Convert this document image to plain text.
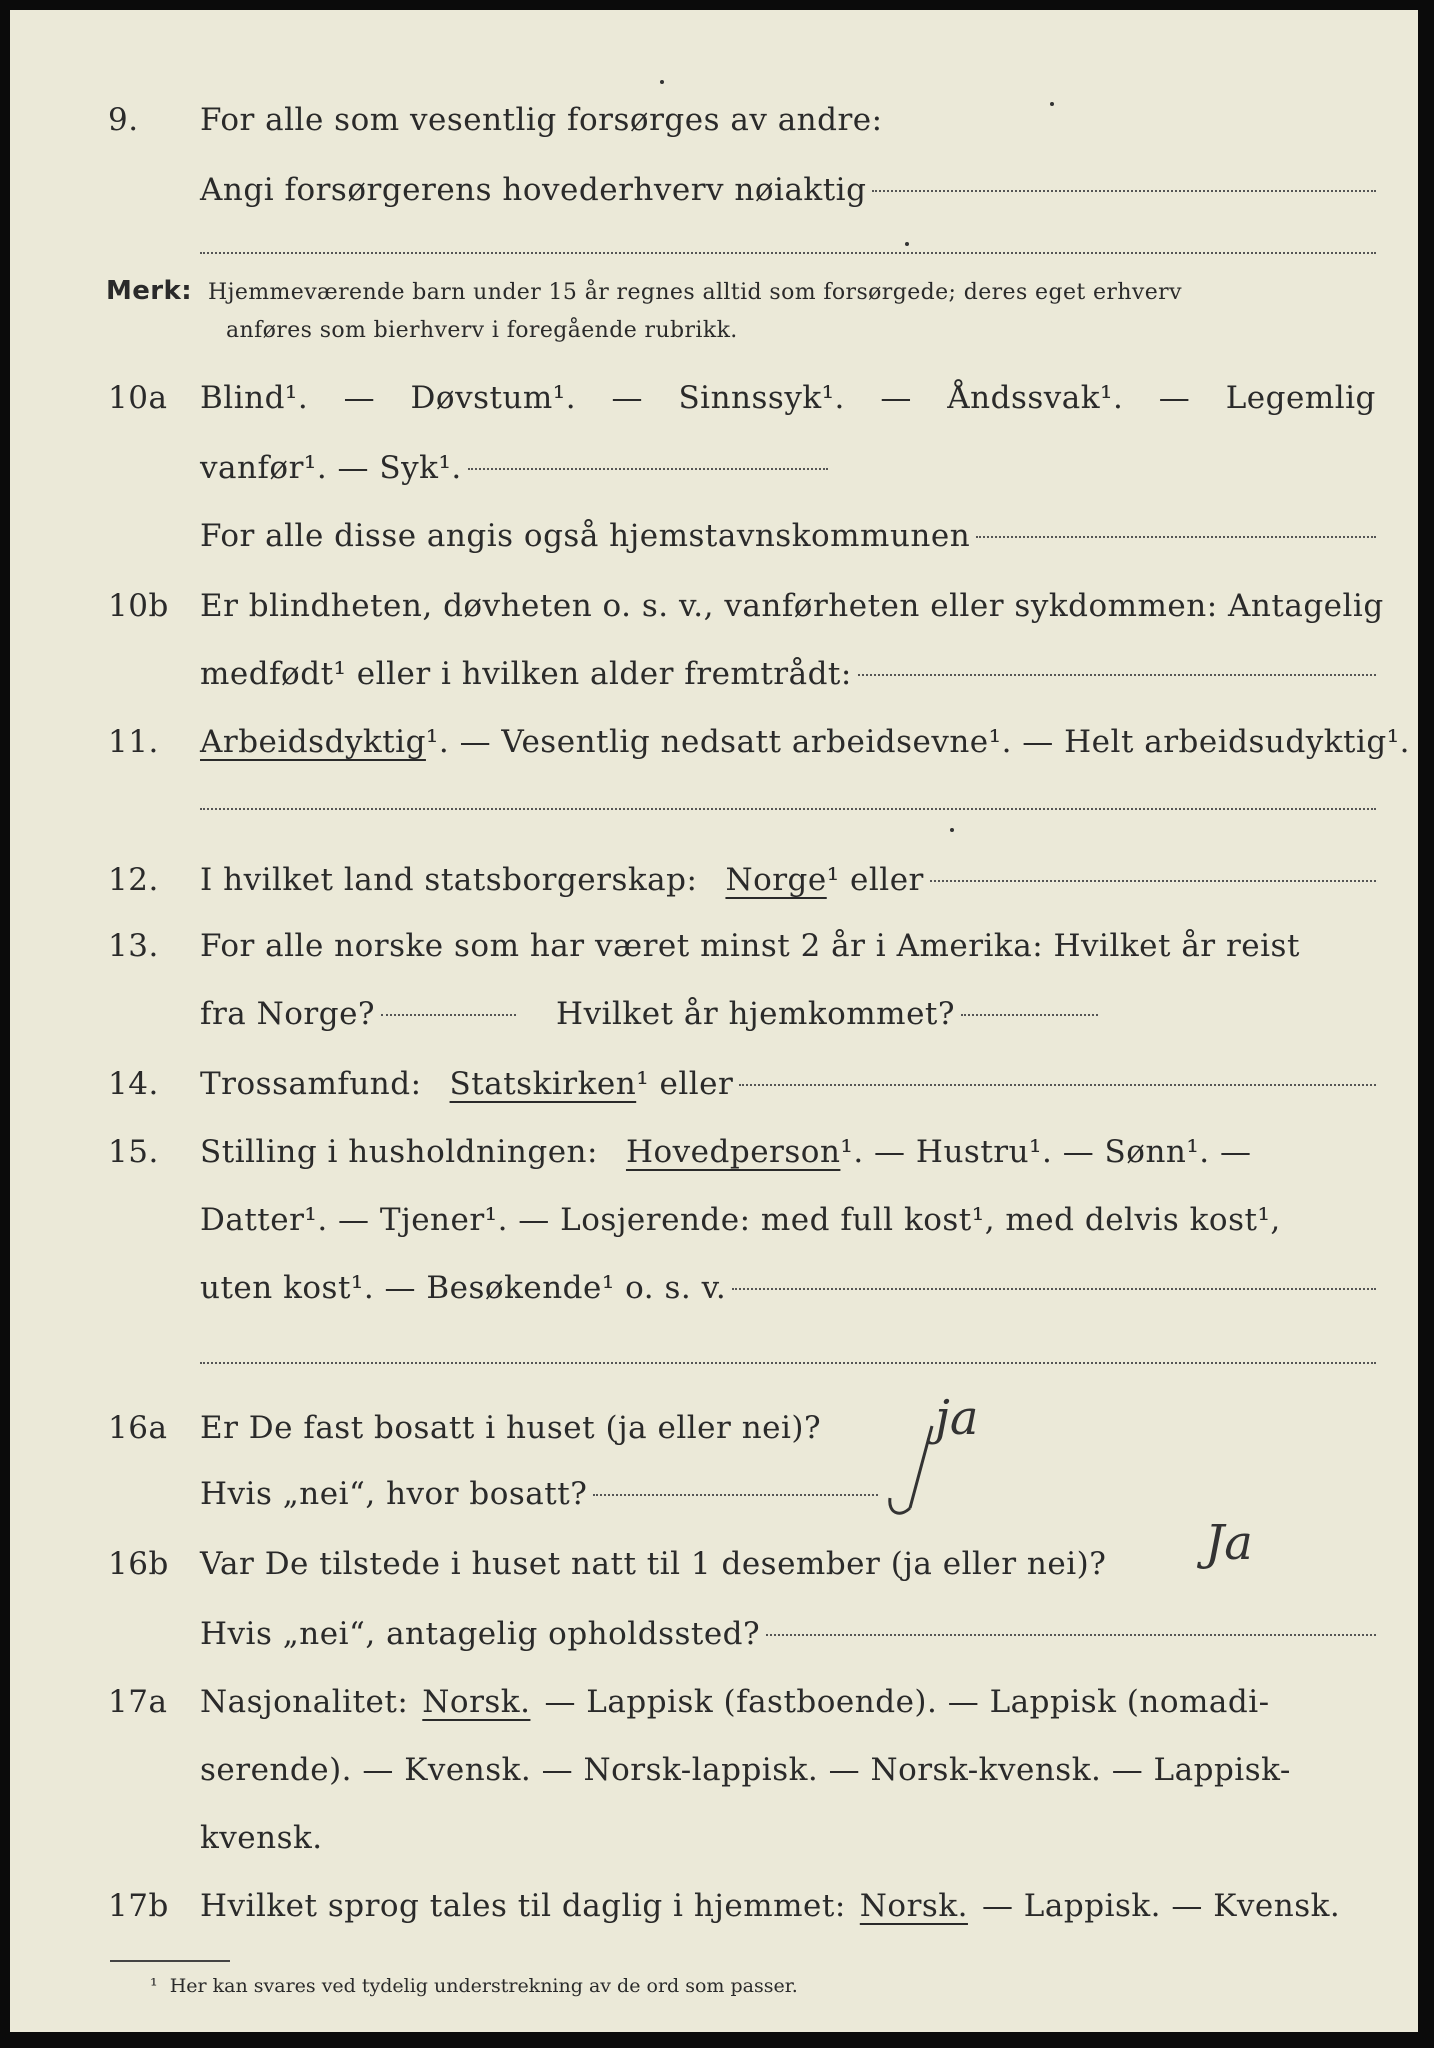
9.	For alle som vesentlig forsørges av andre:
Angi forsørgerens hovederhverv nøiaktig
Merk: Hjemmeværende barn under 15 år regnes alltid som forsørgede; deres eget erhverv
anføres som bierhverv i foregående rubrikk.
10a	Blind¹. — Døvstum¹. — Sinnssyk¹. — Åndssvak¹. — Legemlig
vanfør¹. — Syk¹.
For alle disse angis også hjemstavnskommunen
10b	Er blindheten, døvheten o. s. v., vanførheten eller sykdommen: Antagelig
medfødt¹ eller i hvilken alder fremtrådt:
11.	Arbeidsdyktig ¹ . — Vesentlig nedsatt arbeidsevne¹. — Helt arbeidsudyktig¹.
12.	I hvilket land statsborgerskap: Norge ¹ eller
13.	For alle norske som har været minst 2 år i Amerika: Hvilket år reist
fra Norge?	Hvilket år hjemkommet?
14.	Trossamfund: Statskirken ¹ eller
15.	Stilling i husholdningen: Hovedperson ¹. — Hustru¹. — Sønn¹. —
Datter¹. — Tjener¹. — Losjerende: med full kost¹, med delvis kost¹,
uten kost¹. — Besøkende¹ o. s. v.
16a	Er De fast bosatt i huset (ja eller nei)?	ja
Hvis „nei“, hvor bosatt?
16b	Var De tilstede i huset natt til 1 desember (ja eller nei)?	Ja
Hvis „nei“, antagelig opholdssted?
17a	Nasjonalitet: Norsk. — Lappisk (fastboende). — Lappisk (nomadi-
serende). — Kvensk. — Norsk-lappisk. — Norsk-kvensk. — Lappisk-
kvensk.
17b	Hvilket sprog tales til daglig i hjemmet: Norsk. — Lappisk. — Kvensk.
¹ Her kan svares ved tydelig understrekning av de ord som passer.
